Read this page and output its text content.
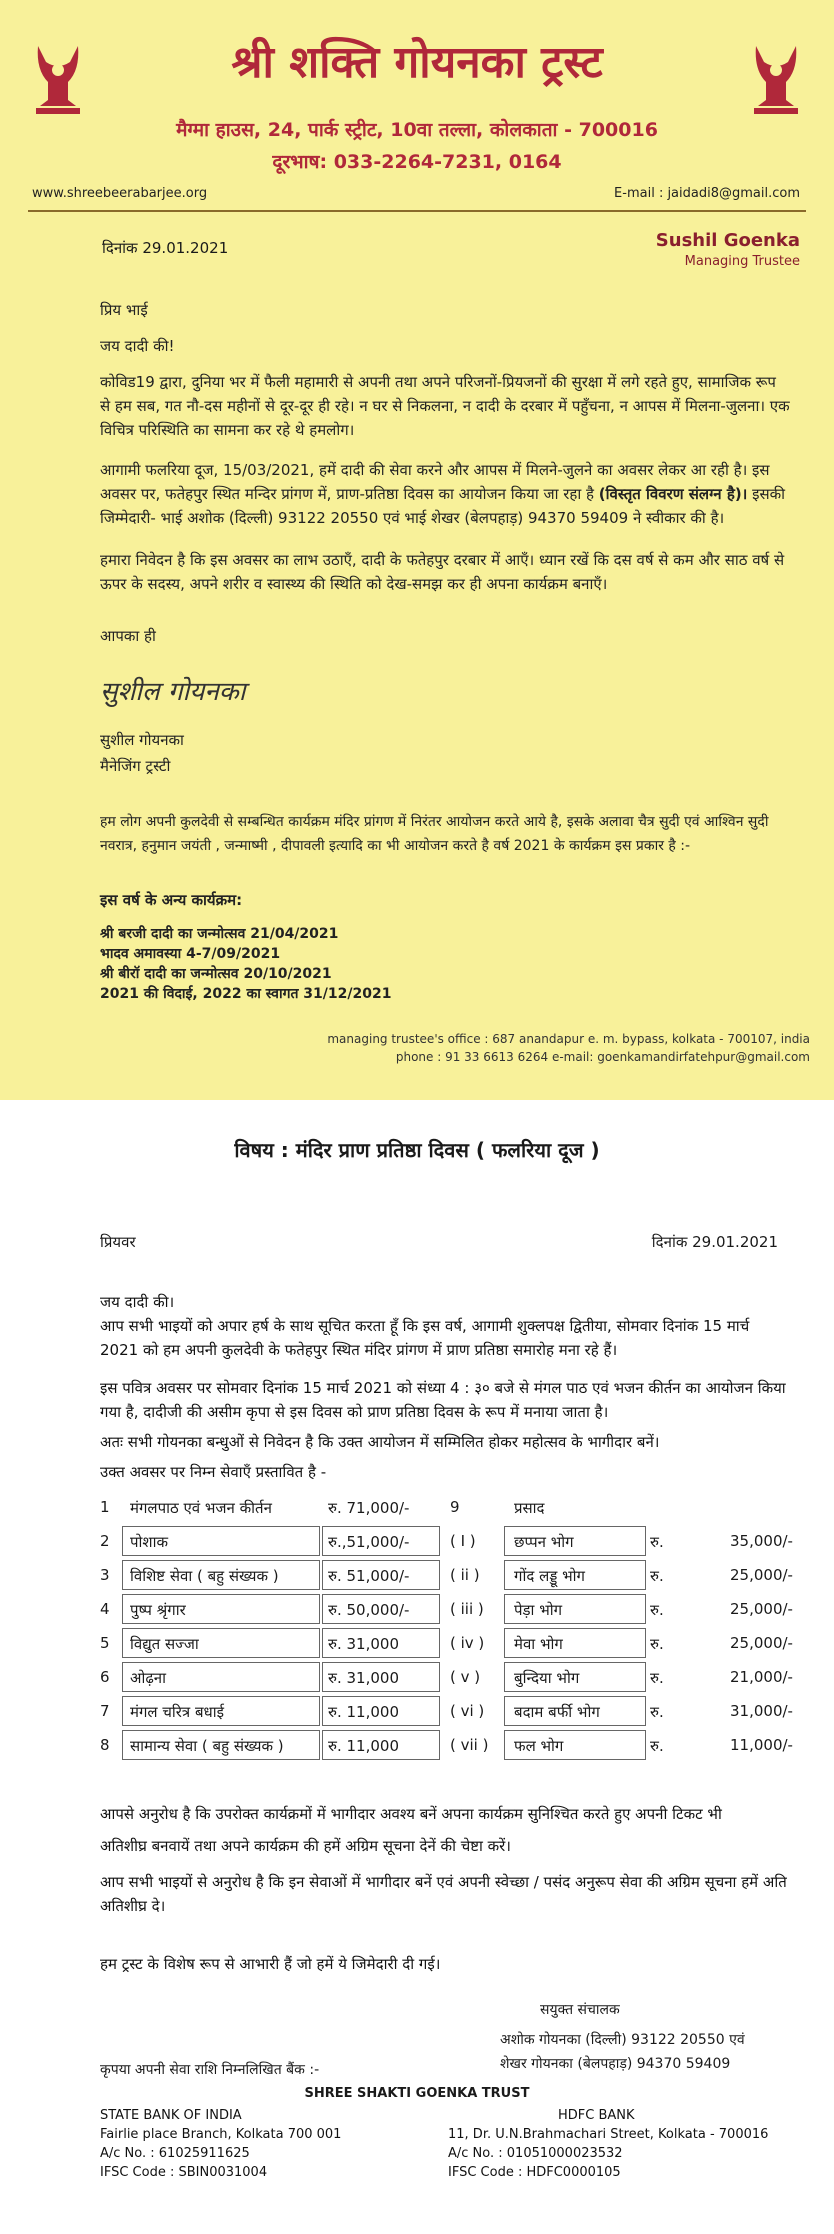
श्री शक्ति गोयनका ट्रस्ट
मैग्मा हाउस, 24, पार्क स्ट्रीट, 10वा तल्ला, कोलकाता - 700016
दूरभाष: 033-2264-7231, 0164
www.shreebeerabarjee.org	E-mail : jaidadi8@gmail.com
दिनांक 29.01.2021	Sushil Goenka
Managing Trustee
प्रिय भाई
जय दादी की!
कोविड19 द्वारा, दुनिया भर में फैली महामारी से अपनी तथा अपने परिजनों-प्रियजनों की सुरक्षा में लगे रहते हुए, सामाजिक रूप से हम सब, गत नौ-दस महीनों से दूर-दूर ही रहे। न घर से निकलना, न दादी के दरबार में पहुँचना, न आपस में मिलना-जुलना। एक विचित्र परिस्थिति का सामना कर रहे थे हमलोग।
आगामी फलरिया दूज, 15/03/2021, हमें दादी की सेवा करने और आपस में मिलने-जुलने का अवसर लेकर आ रही है। इस अवसर पर, फतेहपुर स्थित मन्दिर प्रांगण में, प्राण-प्रतिष्ठा दिवस का आयोजन किया जा रहा है (विस्तृत विवरण संलग्न है)। इसकी जिम्मेदारी- भाई अशोक (दिल्ली) 93122 20550 एवं भाई शेखर (बेलपहाड़) 94370 59409 ने स्वीकार की है।
हमारा निवेदन है कि इस अवसर का लाभ उठाएँ, दादी के फतेहपुर दरबार में आएँ। ध्यान रखें कि दस वर्ष से कम और साठ वर्ष से ऊपर के सदस्य, अपने शरीर व स्वास्थ्य की स्थिति को देख-समझ कर ही अपना कार्यक्रम बनाएँ।
आपका ही
सुशील गोयनका
सुशील गोयनका
मैनेजिंग ट्रस्टी
हम लोग अपनी कुलदेवी से सम्बन्धित कार्यक्रम मंदिर प्रांगण में निरंतर आयोजन करते आये है, इसके अलावा चैत्र सुदी एवं आश्विन सुदी नवरात्र, हनुमान जयंती , जन्माष्मी , दीपावली इत्यादि का भी आयोजन करते है वर्ष 2021 के कार्यक्रम इस प्रकार है :-
इस वर्ष के अन्य कार्यक्रम:
श्री बरजी दादी का जन्मोत्सव 21/04/2021
भादव अमावस्या 4-7/09/2021
श्री बीरॉ दादी का जन्मोत्सव 20/10/2021
2021 की विदाई, 2022 का स्वागत 31/12/2021
managing trustee's office : 687 anandapur e. m. bypass, kolkata - 700107, india
phone : 91 33 6613 6264 e-mail: goenkamandirfatehpur@gmail.com
विषय : मंदिर प्राण प्रतिष्ठा दिवस ( फलरिया दूज )
प्रियवर	दिनांक 29.01.2021
जय दादी की।
आप सभी भाइयों को अपार हर्ष के साथ सूचित करता हूँ कि इस वर्ष, आगामी शुक्लपक्ष द्वितीया, सोमवार दिनांक 15 मार्च 2021 को हम अपनी कुलदेवी के फतेहपुर स्थित मंदिर प्रांगण में प्राण प्रतिष्ठा समारोह मना रहे हैं।
इस पवित्र अवसर पर सोमवार दिनांक 15 मार्च 2021 को संध्या 4 : ३० बजे से मंगल पाठ एवं भजन कीर्तन का आयोजन किया गया है, दादीजी की असीम कृपा से इस दिवस को प्राण प्रतिष्ठा दिवस के रूप में मनाया जाता है।
अतः सभी गोयनका बन्धुओं से निवेदन है कि उक्त आयोजन में सम्मिलित होकर महोत्सव के भागीदार बनें।
उक्त अवसर पर निम्न सेवाएँ प्रस्तावित है -
1 मंगलपाठ एवं भजन कीर्तन	रु. 71,000/-	9	प्रसाद
2 पोशाक	रु.,51,000/-	( I )	छप्पन भोग	रु.	35,000/-
3 विशिष्ट सेवा ( बहु संख्यक )	रु. 51,000/-	( ii ) गोंद लड्डू भोग	रु.	25,000/-
4 पुष्प श्रृंगार	रु. 50,000/-	( iii ) पेड़ा भोग	रु.	25,000/-
5 विद्युत सज्जा	रु. 31,000	( iv ) मेवा भोग	रु.	25,000/-
6 ओढ़ना	रु. 31,000	( v ) बुन्दिया भोग	रु.	21,000/-
7 मंगल चरित्र बधाई	रु. 11,000	( vi ) बदाम बर्फी भोग	रु.	31,000/-
8 सामान्य सेवा ( बहु संख्यक )	रु. 11,000	( vii ) फल भोग	रु.	11,000/-
आपसे अनुरोध है कि उपरोक्त कार्यक्रमों में भागीदार अवश्य बनें अपना कार्यक्रम सुनिश्चित करते हुए अपनी टिकट भी
अतिशीघ्र बनवायें तथा अपने कार्यक्रम की हमें अग्रिम सूचना देनें की चेष्टा करें।
आप सभी भाइयों से अनुरोध है कि इन सेवाओं में भागीदार बनें एवं अपनी स्वेच्छा / पसंद अनुरूप सेवा की अग्रिम सूचना हमें अति अतिशीघ्र दे।
हम ट्रस्ट के विशेष रूप से आभारी हैं जो हमें ये जिमेदारी दी गई।
सयुक्त संचालक
अशोक गोयनका (दिल्ली) 93122 20550 एवं
शेखर गोयनका (बेलपहाड़) 94370 59409
कृपया अपनी सेवा राशि निम्नलिखित बैंक :-
SHREE SHAKTI GOENKA TRUST
STATE BANK OF INDIA
Fairlie place Branch, Kolkata 700 001
A/c No. : 61025911625
IFSC Code : SBIN0031004
HDFC BANK
11, Dr. U.N.Brahmachari Street, Kolkata - 700016
A/c No. : 01051000023532
IFSC Code : HDFC0000105
